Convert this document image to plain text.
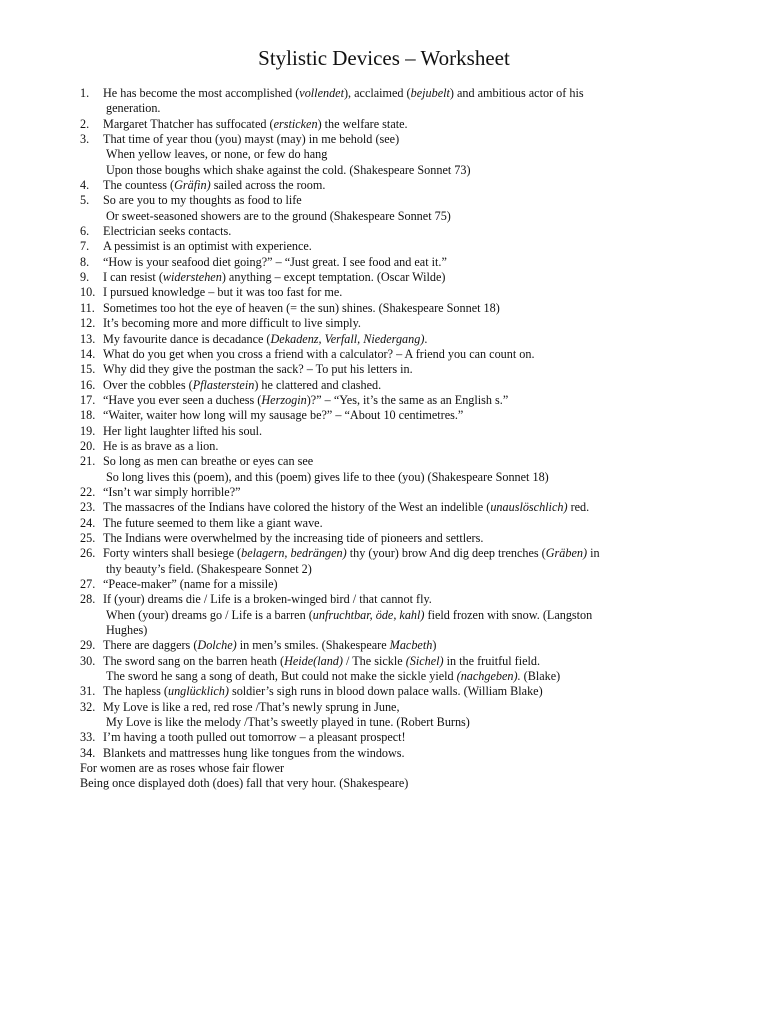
Stylistic Devices – Worksheet
1. He has become the most accomplished (vollendet), acclaimed (bejubelt) and ambitious actor of his
generation.
2. Margaret Thatcher has suffocated (ersticken) the welfare state.
3. That time of year thou (you) mayst (may) in me behold (see)
When yellow leaves, or none, or few do hang
Upon those boughs which shake against the cold. (Shakespeare Sonnet 73)
4. The countess (Gräfin) sailed across the room.
5. So are you to my thoughts as food to life
Or sweet-seasoned showers are to the ground (Shakespeare Sonnet 75)
6. Electrician seeks contacts.
7. A pessimist is an optimist with experience.
8. “How is your seafood diet going?” – “Just great. I see food and eat it.”
9. I can resist (widerstehen) anything – except temptation. (Oscar Wilde)
10. I pursued knowledge – but it was too fast for me.
11. Sometimes too hot the eye of heaven (= the sun) shines. (Shakespeare Sonnet 18)
12. It’s becoming more and more difficult to live simply.
13. My favourite dance is decadance (Dekadenz, Verfall, Niedergang).
14. What do you get when you cross a friend with a calculator? – A friend you can count on.
15. Why did they give the postman the sack? – To put his letters in.
16. Over the cobbles (Pflasterstein) he clattered and clashed.
17. “Have you ever seen a duchess (Herzogin)?” – “Yes, it’s the same as an English s.”
18. “Waiter, waiter how long will my sausage be?” – “About 10 centimetres.”
19. Her light laughter lifted his soul.
20. He is as brave as a lion.
21. So long as men can breathe or eyes can see
So long lives this (poem), and this (poem) gives life to thee (you) (Shakespeare Sonnet 18)
22. “Isn’t war simply horrible?”
23. The massacres of the Indians have colored the history of the West an indelible (unauslöschlich) red.
24. The future seemed to them like a giant wave.
25. The Indians were overwhelmed by the increasing tide of pioneers and settlers.
26. Forty winters shall besiege (belagern, bedrängen) thy (your) brow And dig deep trenches (Gräben) in
thy beauty’s field. (Shakespeare Sonnet 2)
27. “Peace-maker” (name for a missile)
28. If (your) dreams die / Life is a broken-winged bird / that cannot fly.
When (your) dreams go / Life is a barren (unfruchtbar, öde, kahl) field frozen with snow. (Langston
Hughes)
29. There are daggers (Dolche) in men’s smiles. (Shakespeare Macbeth)
30. The sword sang on the barren heath (Heide(land) / The sickle (Sichel) in the fruitful field.
The sword he sang a song of death, But could not make the sickle yield (nachgeben). (Blake)
31. The hapless (unglücklich) soldier’s sigh runs in blood down palace walls. (William Blake)
32. My Love is like a red, red rose /That’s newly sprung in June,
My Love is like the melody /That’s sweetly played in tune. (Robert Burns)
33. I’m having a tooth pulled out tomorrow – a pleasant prospect!
34. Blankets and mattresses hung like tongues from the windows.
For women are as roses whose fair flower
Being once displayed doth (does) fall that very hour. (Shakespeare)
